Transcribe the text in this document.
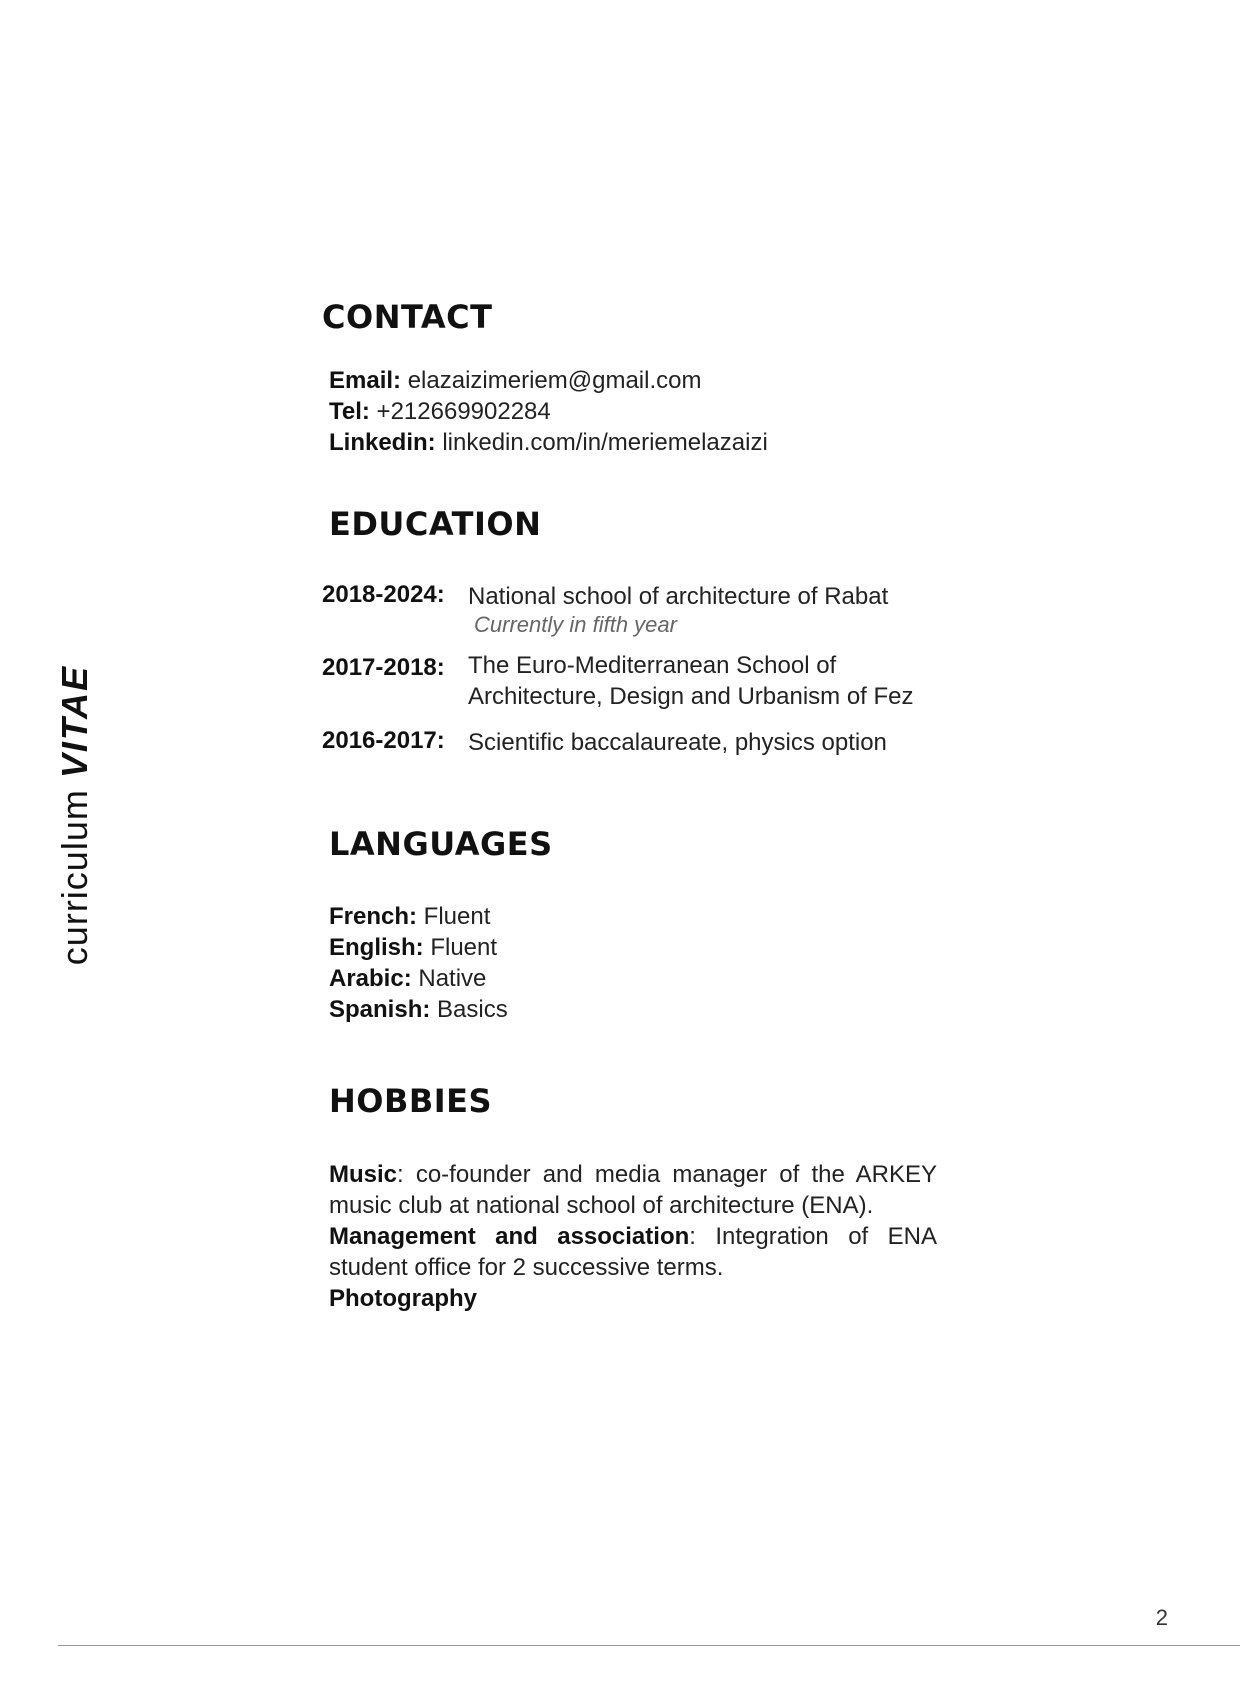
curriculum VITAE
CONTACT
Email: elazaizimeriem@gmail.com
Tel: +212669902284
Linkedin: linkedin.com/in/meriemelazaizi
EDUCATION
2018-2024: National school of architecture of Rabat
Currently in fifth year
2017-2018: The Euro-Mediterranean School of
Architecture, Design and Urbanism of Fez
2016-2017: Scientific baccalaureate, physics option
LANGUAGES
French: Fluent
English: Fluent
Arabic: Native
Spanish: Basics
HOBBIES

Music: co-founder and media manager of the ARKEY music club at national school of architecture (ENA).

Management and association: Integration of ENA student office for 2 successive terms.

Photography

2
